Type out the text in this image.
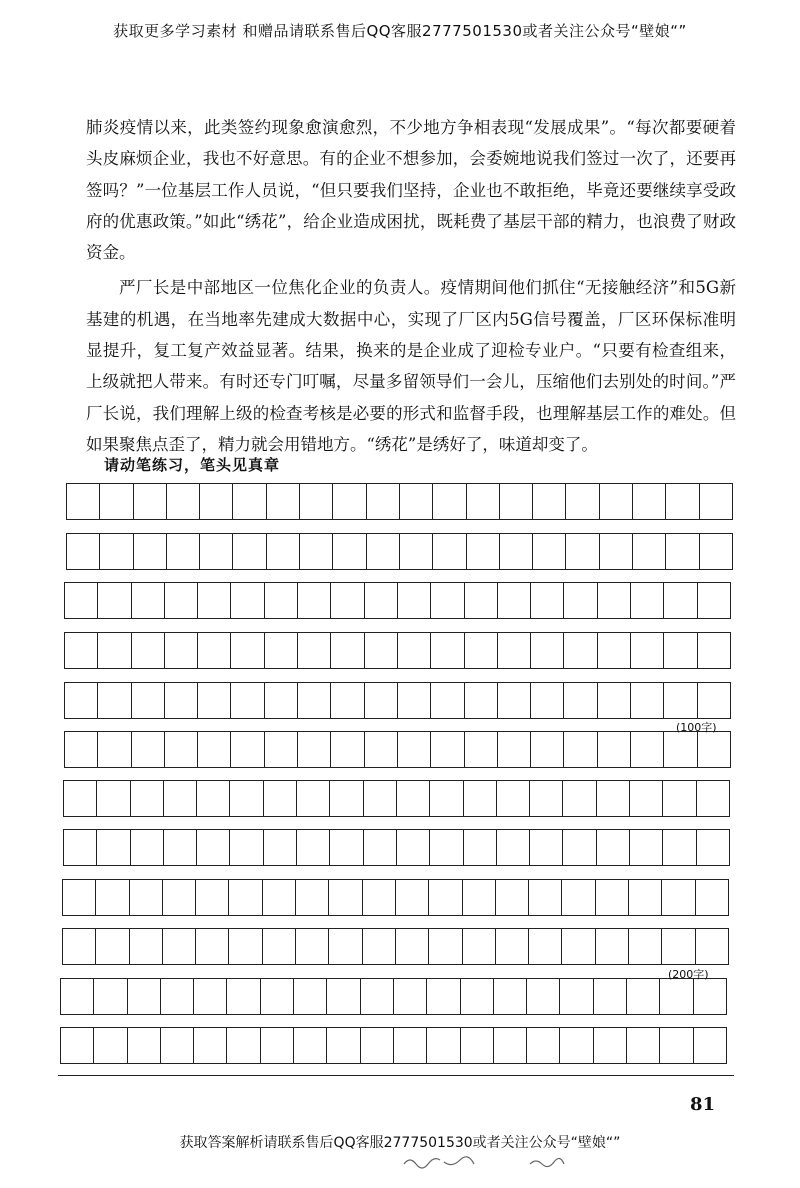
获取更多学习素材 和赠品请联系售后QQ客服2777501530或者关注公众号“壁娘“”

肺炎疫情以来，此类签约现象愈演愈烈，不少地方争相表现“发展成果”。“每次都要硬着头皮麻烦企业，我也不好意思。有的企业不想参加，会委婉地说我们签过一次了，还要再签吗？”一位基层工作人员说，“但只要我们坚持，企业也不敢拒绝，毕竟还要继续享受政府的优惠政策。”如此“绣花”，给企业造成困扰，既耗费了基层干部的精力，也浪费了财政资金。

严厂长是中部地区一位焦化企业的负责人。疫情期间他们抓住“无接触经济”和5G新基建的机遇，在当地率先建成大数据中心，实现了厂区内5G信号覆盖，厂区环保标准明显提升，复工复产效益显著。结果，换来的是企业成了迎检专业户。“只要有检查组来，上级就把人带来。有时还专门叮嘱，尽量多留领导们一会儿，压缩他们去别处的时间。”严厂长说，我们理解上级的检查考核是必要的形式和监督手段，也理解基层工作的难处。但如果聚焦点歪了，精力就会用错地方。“绣花”是绣好了，味道却变了。

请动笔练习，笔头见真章
(100字)
(200字)
81
获取答案解析请联系售后QQ客服2777501530或者关注公众号“壁娘“”
